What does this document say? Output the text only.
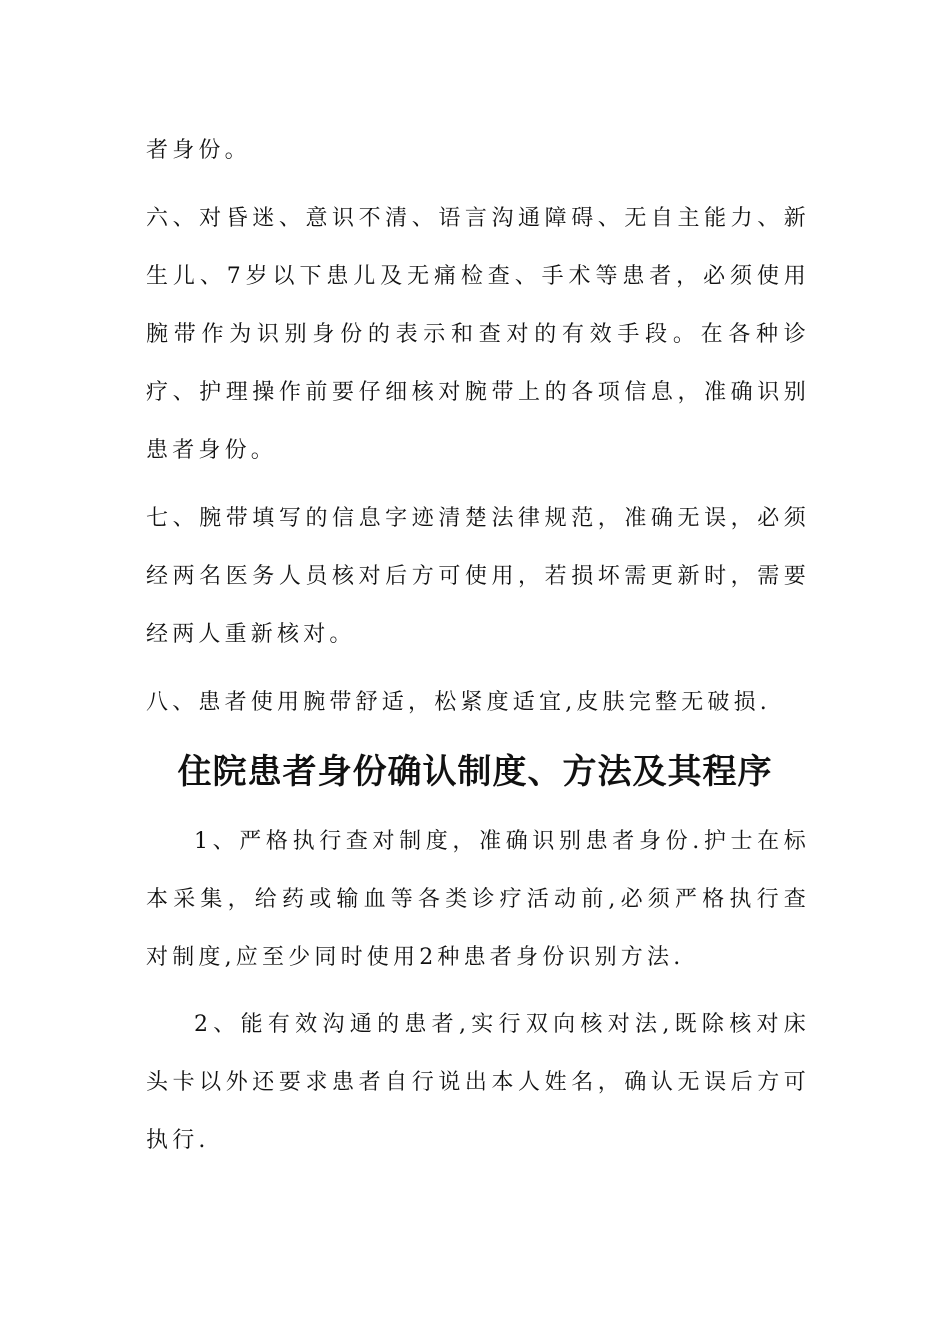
者身份。

六、对昏迷、意识不清、语言沟通障碍、无自主能力、新生儿、7岁以下患儿及无痛检查、手术等患者，必须使用腕带作为识别身份的表示和查对的有效手段。在各种诊疗、护理操作前要仔细核对腕带上的各项信息，准确识别患者身份。

七、腕带填写的信息字迹清楚法律规范，准确无误，必须经两名医务人员核对后方可使用，若损坏需更新时，需要经两人重新核对。

八、患者使用腕带舒适，松紧度适宜,皮肤完整无破损.

住院患者身份确认制度、方法及其程序

1、严格执行查对制度，准确识别患者身份.护士在标本采集，给药或输血等各类诊疗活动前,必须严格执行查对制度,应至少同时使用2种患者身份识别方法.

2、能有效沟通的患者,实行双向核对法,既除核对床头卡以外还要求患者自行说出本人姓名，确认无误后方可执行.
